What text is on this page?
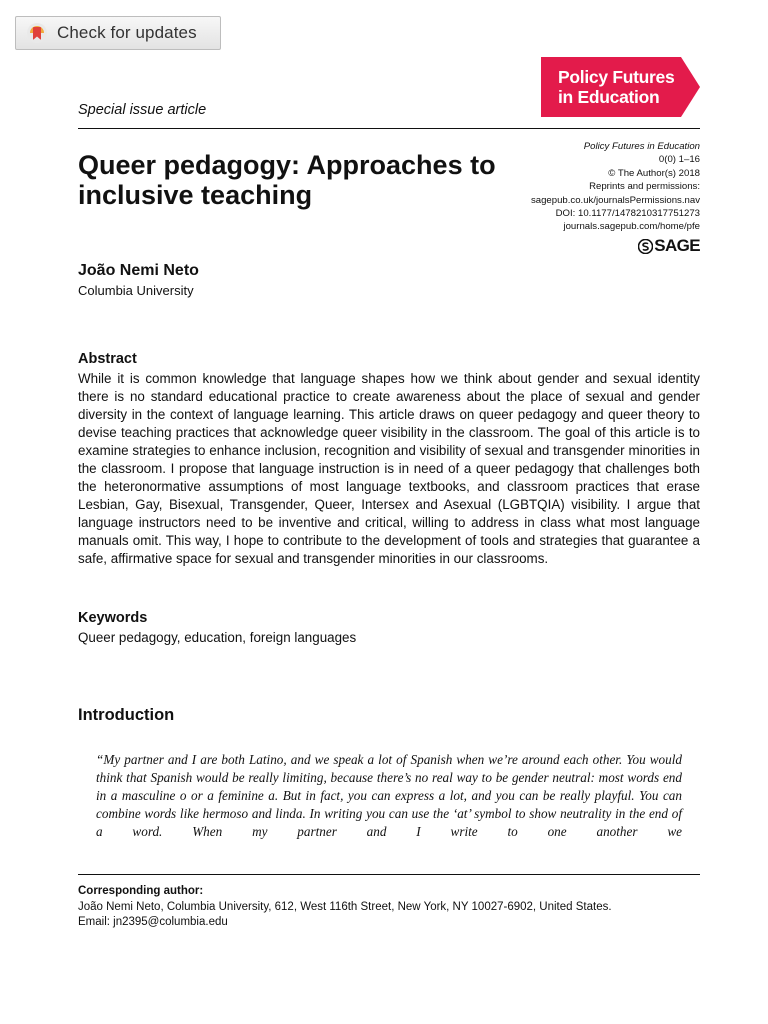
Check for updates
Policy Futures
in Education
Special issue article
Queer pedagogy: Approaches to inclusive teaching
Policy Futures in Education
0(0) 1–16
© The Author(s) 2018
Reprints and permissions:
sagepub.co.uk/journalsPermissions.nav
DOI: 10.1177/1478210317751273
journals.sagepub.com/home/pfe
SAGE
João Nemi Neto
Columbia University
Abstract
While it is common knowledge that language shapes how we think about gender and sexual identity there is no standard educational practice to create awareness about the place of sexual and gender diversity in the context of language learning. This article draws on queer pedagogy and queer theory to devise teaching practices that acknowledge queer visibility in the classroom. The goal of this article is to examine strategies to enhance inclusion, recognition and visibility of sexual and transgender minorities in the classroom. I propose that language instruction is in need of a queer pedagogy that challenges both the heteronormative assumptions of most language textbooks, and classroom practices that erase Lesbian, Gay, Bisexual, Transgender, Queer, Intersex and Asexual (LGBTQIA) visibility. I argue that language instructors need to be inventive and critical, willing to address in class what most language manuals omit. This way, I hope to contribute to the development of tools and strategies that guarantee a safe, affirmative space for sexual and transgender minorities in our classrooms.
Keywords
Queer pedagogy, education, foreign languages
Introduction
“My partner and I are both Latino, and we speak a lot of Spanish when we’re around each other. You would think that Spanish would be really limiting, because there’s no real way to be gender neutral: most words end in a masculine o or a feminine a. But in fact, you can express a lot, and you can be really playful. You can combine words like hermoso and linda. In writing you can use the ‘at’ symbol to show neutrality in the end of a word. When my partner and I write to one another we
Corresponding author:
João Nemi Neto, Columbia University, 612, West 116th Street, New York, NY 10027-6902, United States.
Email: jn2395@columbia.edu
